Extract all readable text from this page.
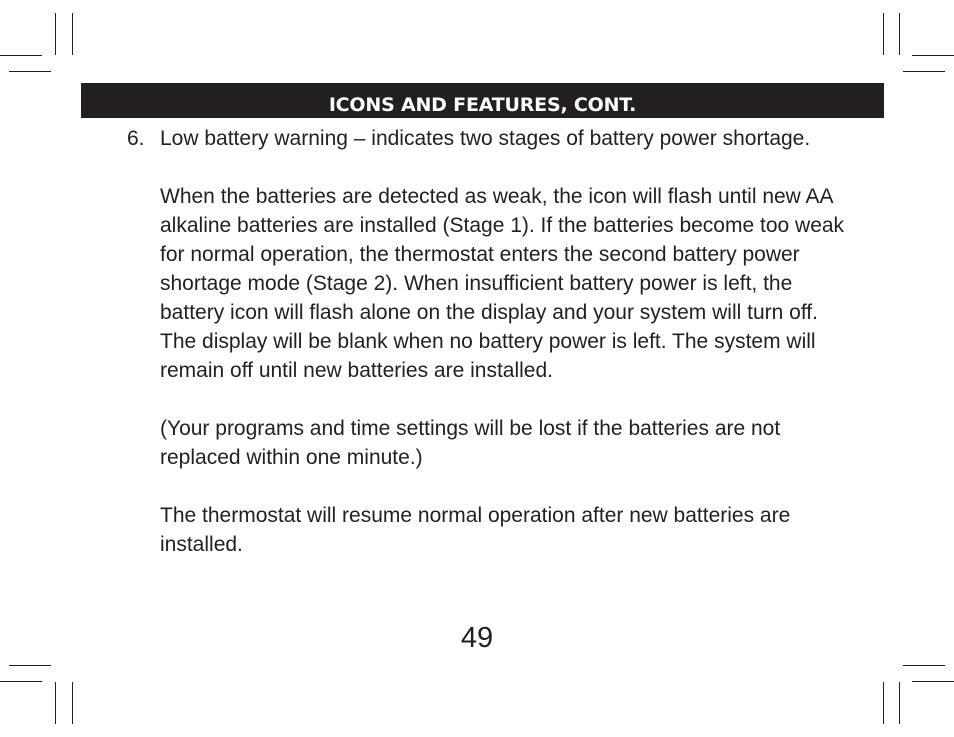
ICONS AND FEATURES, CONT.
6. Low battery warning – indicates two stages of battery power shortage.

When the batteries are detected as weak, the icon will flash until new AA alkaline batteries are installed (Stage 1). If the batteries become too weak for normal operation, the thermostat enters the second battery power shortage mode (Stage 2). When insufficient battery power is left, the battery icon will flash alone on the display and your system will turn off. The display will be blank when no battery power is left. The system will remain off until new batteries are installed.

(Your programs and time settings will be lost if the batteries are not replaced within one minute.)

The thermostat will resume normal operation after new batteries are installed.

49
